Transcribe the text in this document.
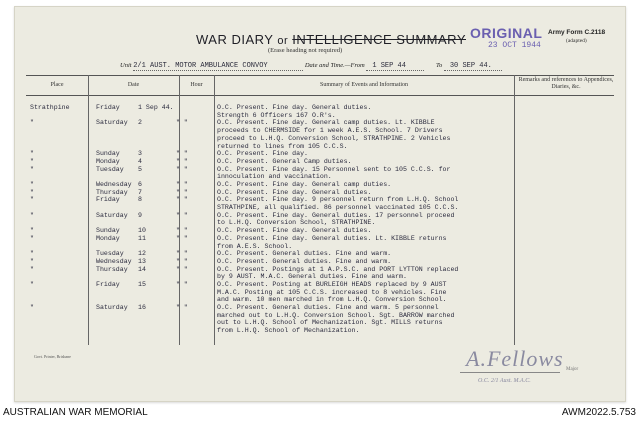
WAR DIARY or INTELLIGENCE SUMMARY
(Erase heading not required)
ORIGINAL
23 OCT 1944
Army Form C.2118
(adapted)
Unit 2/1 AUST. MOTOR AMBULANCE CONVOY	Date and Time.—From 1 SEP 44	To 30 SEP 44.
Place	Date	Hour	Summary of Events and Information
Remarks and references to Appendices, Diaries, &c.
Strathpine	Friday	1 Sep 44.	O.C. Present. Fine day. General duties.
Strength 6 Officers 167 O.R's.
"	Saturday	2	" "	O.C. Present. Fine day. General camp duties. Lt. KIBBLE
proceeds to CHERMSIDE for 1 week A.E.S. School. 7 Drivers
proceed to L.H.Q. Conversion School, STRATHPINE. 2 Vehicles
returned to lines from 105 C.C.S.
"	Sunday	3	" "	O.C. Present. Fine day.
"	Monday	4	" "	O.C. Present. General Camp duties.
"	Tuesday	5	" "	O.C. Present. Fine day. 15 Personnel sent to 105 C.C.S. for
innoculation and vaccination.
"	Wednesday 6	" "	O.C. Present. Fine day. General camp duties.
"	Thursday	7	" "	O.C. Present. Fine day. General duties.
"	Friday	8	" "	O.C. Present. Fine day. 9 personnel return from L.H.Q. School
STRATHPINE, all qualified. 86 personnel vaccinated 105 C.C.S.
"	Saturday	9	" "	O.C. Present. Fine day. General duties. 17 personnel proceed
to L.H.Q. Conversion School, STRATHPINE.
"	Sunday	10	" "	O.C. Present. Fine day. General duties.
"	Monday	11	" "	O.C. Present. Fine day. General duties. Lt. KIBBLE returns
from A.E.S. School.
"	Tuesday	12	" "	O.C. Present. General duties. Fine and warm.
"	Wednesday 13	" "	O.C. Present. General duties. Fine and warm.
"	Thursday	14	" "	O.C. Present. Postings at 1 A.P.S.C. and PORT LYTTON replaced
by 9 AUST. M.A.C. General duties. Fine and warm.
"	Friday	15	" "	O.C. Present. Posting at BURLEIGH HEADS replaced by 9 AUST
M.A.C. Posting at 105 C.C.S. increased to 8 vehicles. Fine
and warm. 10 men marched in from L.H.Q. Conversion School.
"	Saturday	16	" "	O.C. Present. General duties. Fine and warm. 5 personnel
marched out to L.H.Q. Conversion School. Sgt. BARROW marched
out to L.H.Q. School of Mechanization. Sgt. MILLS returns
from L.H.Q. School of Mechanization.
Govt. Printer, Brisbane	A.Fellows Major
O.C. 2/1 Aust. M.A.C.
AUSTRALIAN WAR MEMORIAL	AWM2022.5.753
